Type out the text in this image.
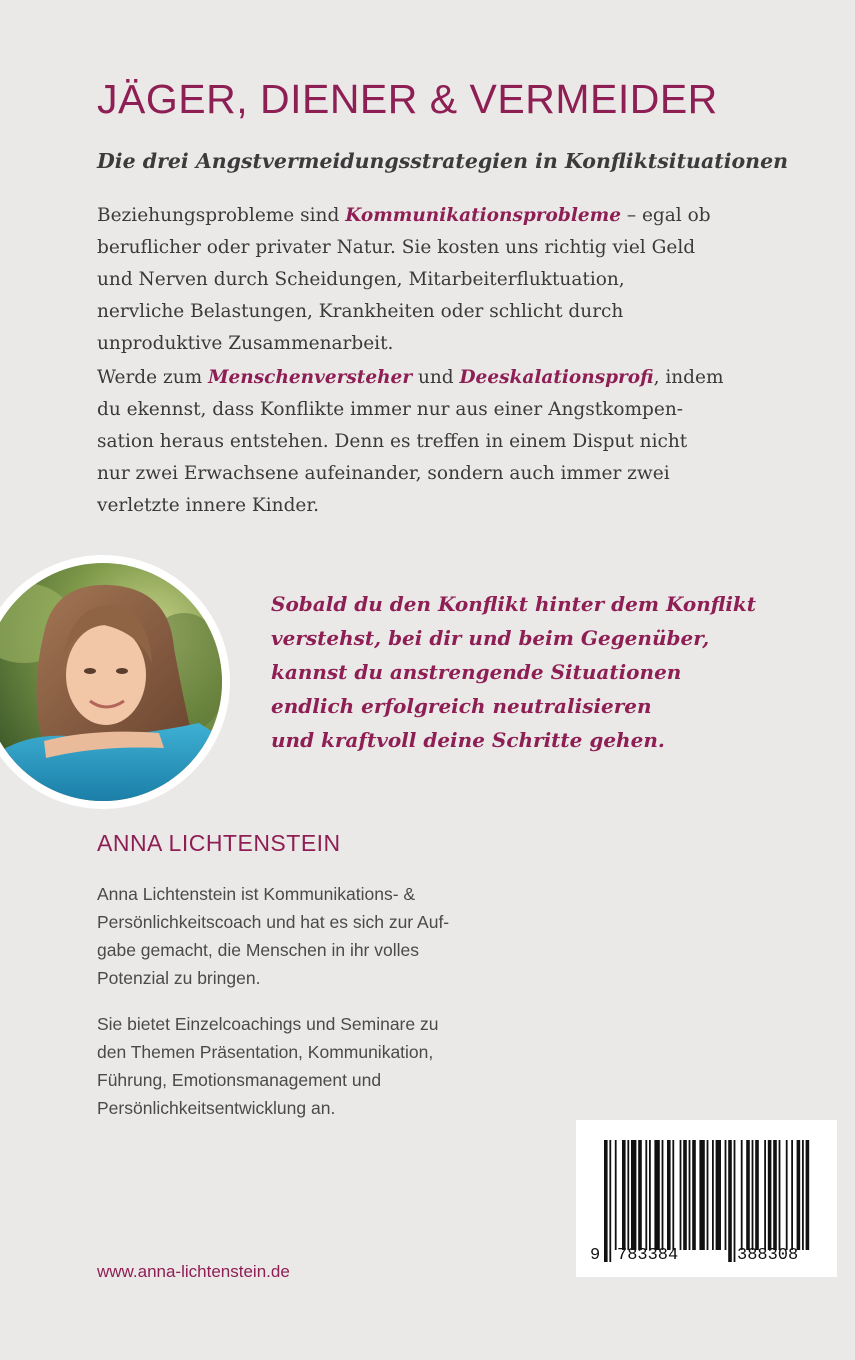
JÄGER, DIENER & VERMEIDER
Die drei Angstvermeidungsstrategien in Konfliktsituationen

Beziehungsprobleme sind Kommunikationsprobleme – egal ob
beruflicher oder privater Natur. Sie kosten uns richtig viel Geld
und Nerven durch Scheidungen, Mitarbeiterfluktuation,
nervliche Belastungen, Krankheiten oder schlicht durch
unproduktive Zusammenarbeit.

Werde zum Menschenversteher und Deeskalationsprofi, indem
du ekennst, dass Konflikte immer nur aus einer Angstkompen-
sation heraus entstehen. Denn es treffen in einem Disput nicht
nur zwei Erwachsene aufeinander, sondern auch immer zwei
verletzte innere Kinder.

Sobald du den Konflikt hinter dem Konflikt
verstehst, bei dir und beim Gegenüber,
kannst du anstrengende Situationen
endlich erfolgreich neutralisieren
und kraftvoll deine Schritte gehen.
ANNA LICHTENSTEIN
Anna Lichtenstein ist Kommunikations- &
Persönlichkeitscoach und hat es sich zur Auf-
gabe gemacht, die Menschen in ihr volles
Potenzial zu bringen.
Sie bietet Einzelcoachings und Seminare zu
den Themen Präsentation, Kommunikation,
Führung, Emotionsmanagement und
Persönlichkeitsentwicklung an.
www.anna-lichtenstein.de
9 783384	388308
